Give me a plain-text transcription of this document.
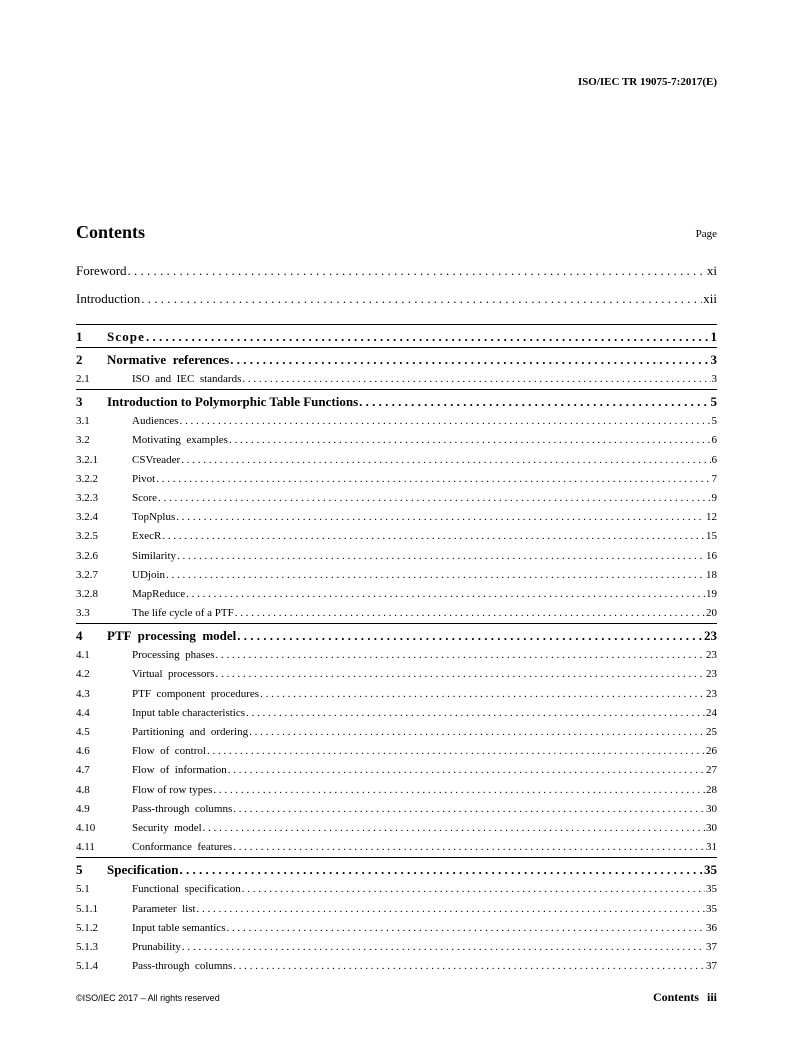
ISO/IEC TR 19075-7:2017(E)
Contents	Page
Foreword . . .	xi
Introduction . . .	xii
1	Scope . . .	1
2	Normative  references . . .	3
2.1	ISO  and  IEC  standards . . .	3
3	Introduction to Polymorphic Table Functions . . .	5
3.1	Audiences . . .	5
3.2	Motivating  examples . . .	6
3.2.1	CSVreader . . .	6
3.2.2	Pivot . . .	7
3.2.3	Score . . .	9
3.2.4	TopNplus . . .	12
3.2.5	ExecR . . .	15
3.2.6	Similarity . . .	16
3.2.7	UDjoin . . .	18
3.2.8	MapReduce . . .	19
3.3	The life cycle of a PTF . . .	20
4	PTF  processing  model . . .	23
4.1	Processing  phases . . .	23
4.2	Virtual  processors . . .	23
4.3	PTF  component  procedures . . .	23
4.4	Input table characteristics . . .	24
4.5	Partitioning  and  ordering . . .	25
4.6	Flow  of  control . . .	26
4.7	Flow  of  information . . .	27
4.8	Flow of row types . . .	28
4.9	Pass-through  columns . . .	30
4.10	Security  model . . .	30
4.11	Conformance  features . . .	31
5	Specification . . .	35
5.1	Functional  specification . . .	35
5.1.1	Parameter  list . . .	35
5.1.2	Input table semantics . . .	36
5.1.3	Prunability . . .	37
5.1.4	Pass-through  columns . . .	37
©ISO/IEC 2017 – All rights reserved	Contents iii
